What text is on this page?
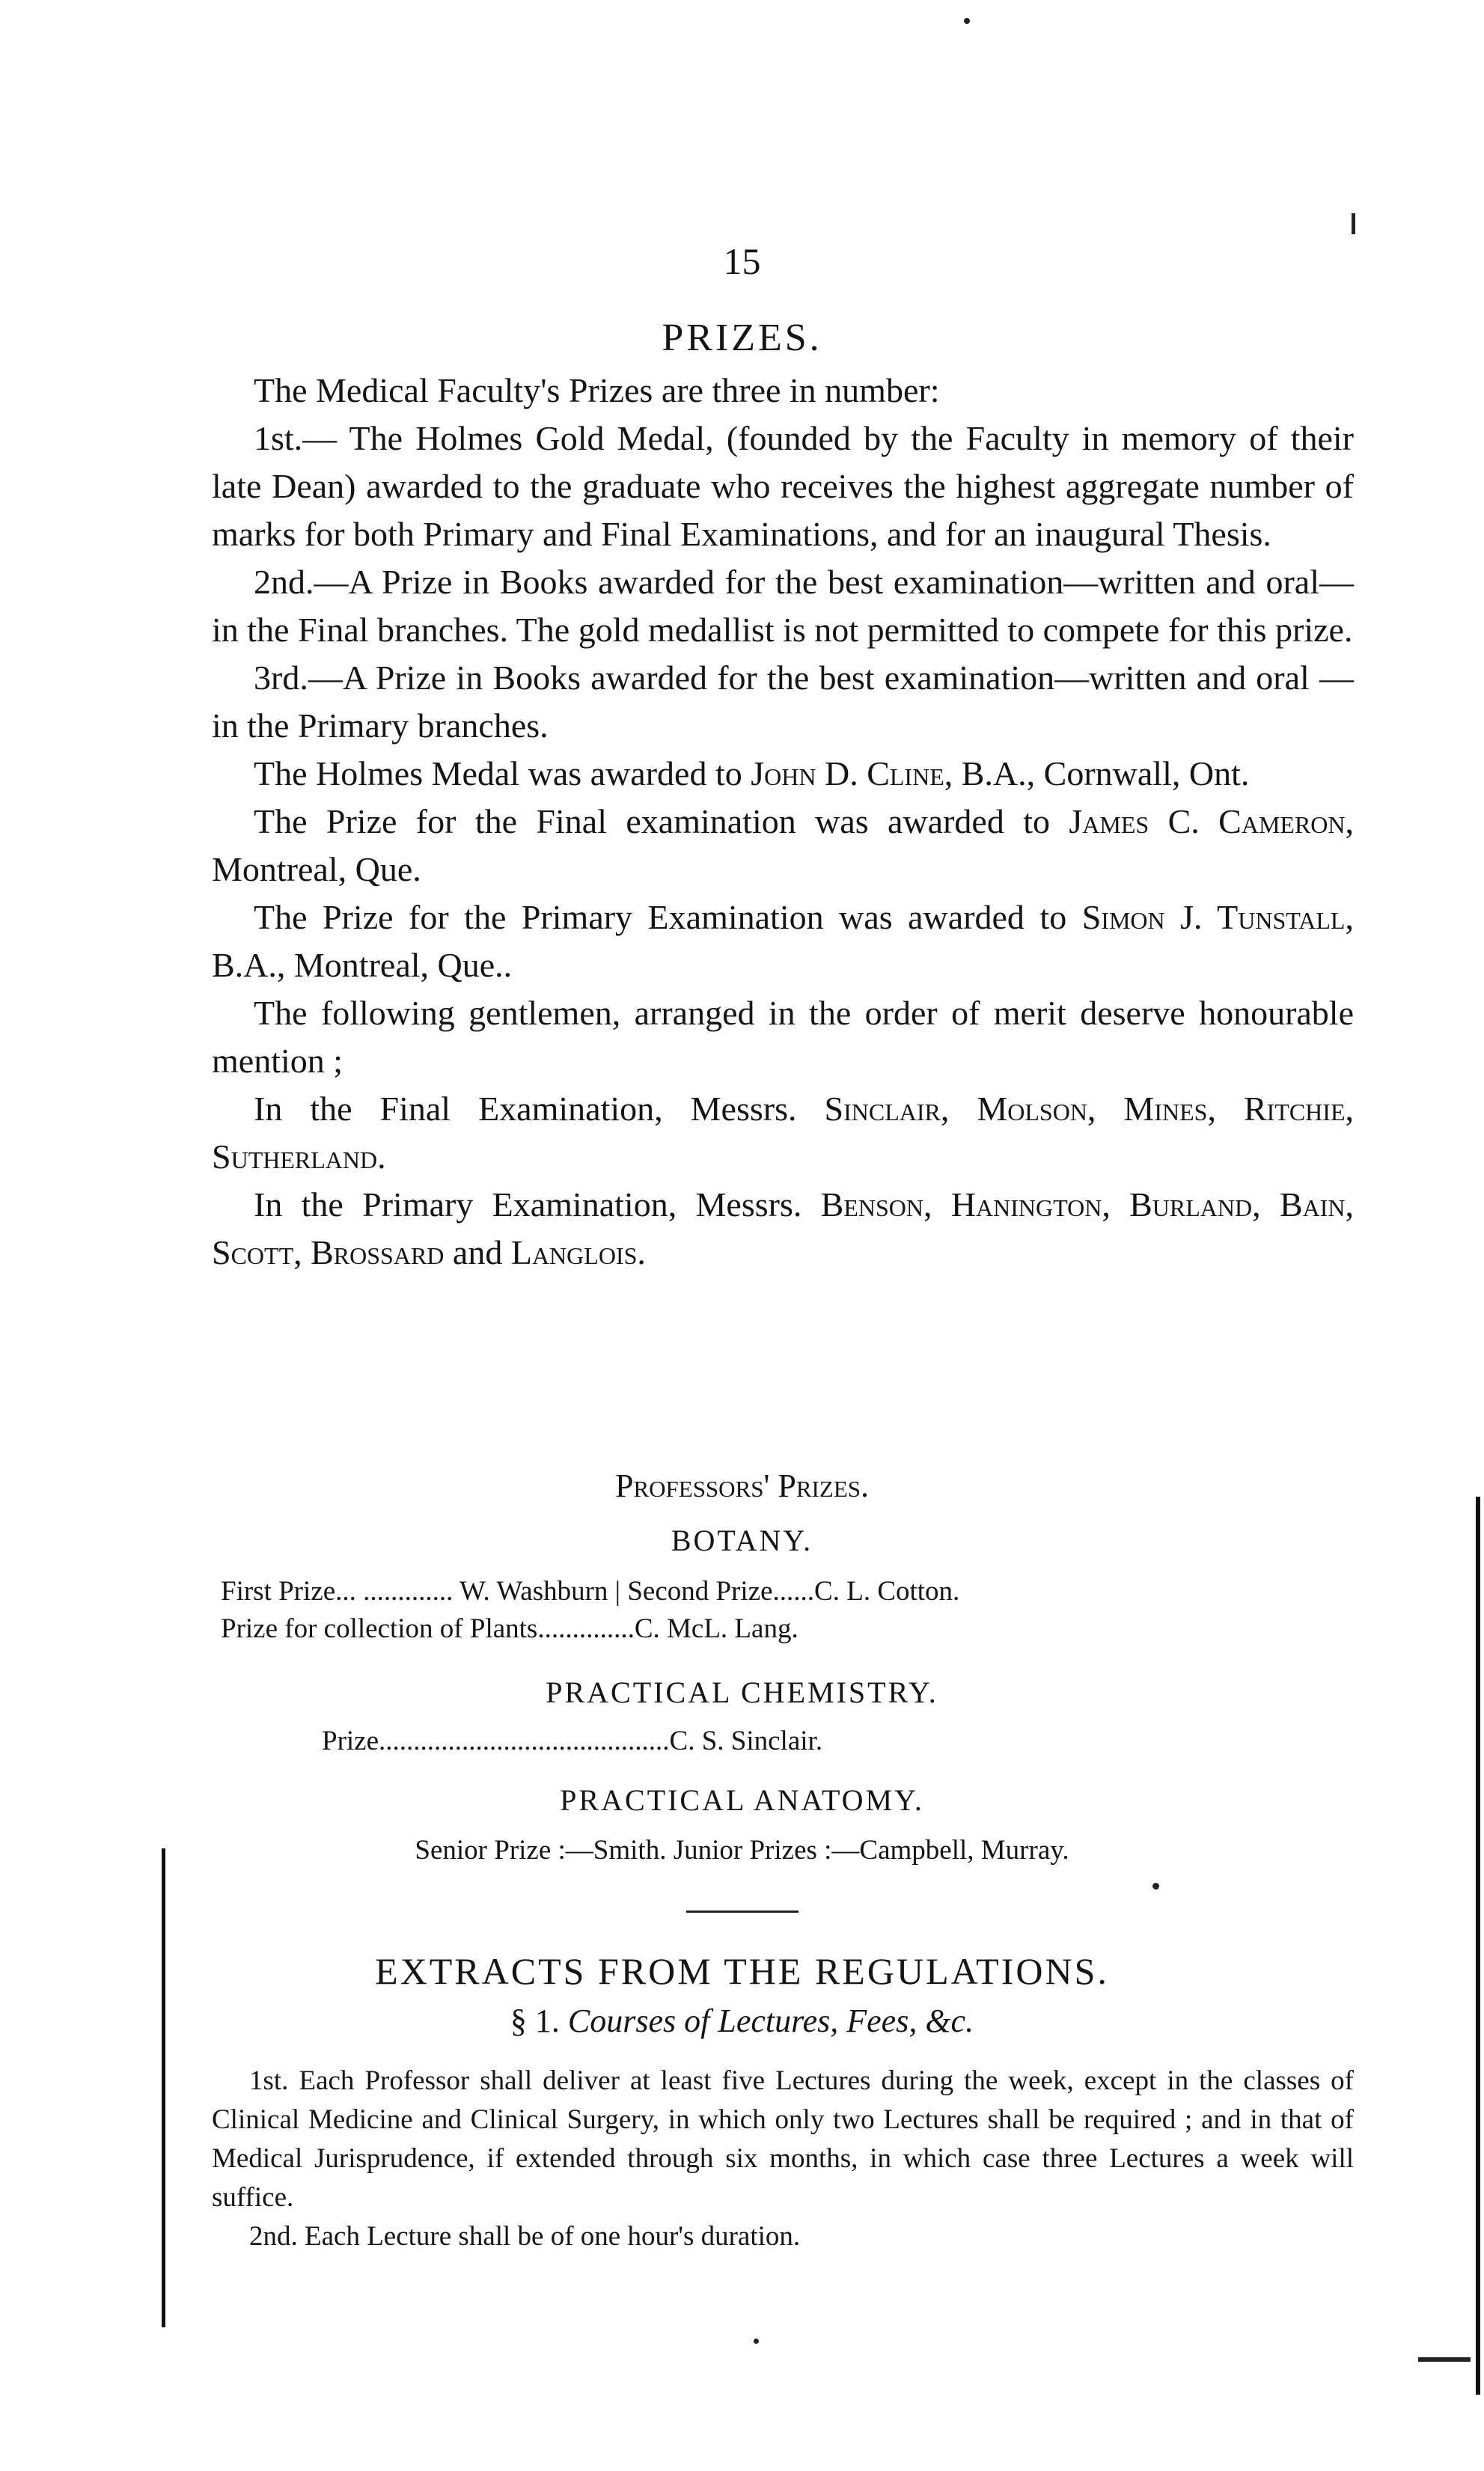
15
PRIZES.

The Medical Faculty's Prizes are three in number:

1st.— The Holmes Gold Medal, (founded by the Faculty in memory of their late Dean) awarded to the graduate who receives the highest aggregate number of marks for both Primary and Final Examinations, and for an inaugural Thesis.

2nd.—A Prize in Books awarded for the best examination—written and oral—in the Final branches. The gold medallist is not permitted to compete for this prize.

3rd.—A Prize in Books awarded for the best examination—written and oral —in the Primary branches.

The Holmes Medal was awarded to John D. Cline, B.A., Cornwall, Ont.

The Prize for the Final examination was awarded to James C. Cameron, Montreal, Que.

The Prize for the Primary Examination was awarded to Simon J. Tunstall, B.A., Montreal, Que..

The following gentlemen, arranged in the order of merit deserve honourable mention ;

In the Final Examination, Messrs. Sinclair, Molson, Mines, Ritchie, Sutherland.

In the Primary Examination, Messrs. Benson, Hanington, Burland, Bain, Scott, Brossard and Langlois.

Professors' Prizes.
BOTANY.
First Prize... ............. W. Washburn | Second Prize......C. L. Cotton.
Prize for collection of Plants..............C. McL. Lang.
PRACTICAL CHEMISTRY.
Prize..........................................C. S. Sinclair.
PRACTICAL ANATOMY.
Senior Prize :—Smith. Junior Prizes :—Campbell, Murray.
EXTRACTS FROM THE REGULATIONS.
§ 1. Courses of Lectures, Fees, &c.

1st. Each Professor shall deliver at least five Lectures during the week, except in the classes of Clinical Medicine and Clinical Surgery, in which only two Lectures shall be required ; and in that of Medical Jurisprudence, if extended through six months, in which case three Lectures a week will suffice.

2nd. Each Lecture shall be of one hour's duration.
